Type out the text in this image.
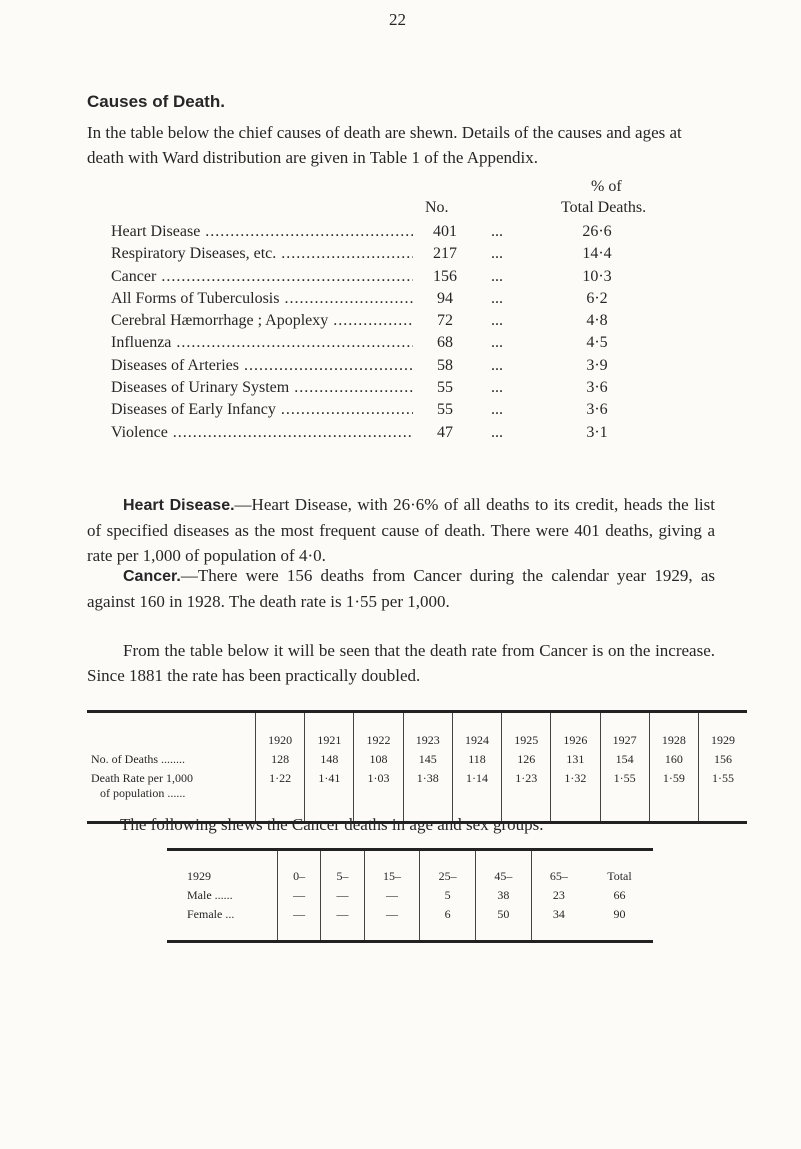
22
Causes of Death.

In the table below the chief causes of death are shewn. Details of the causes and ages at death with Ward distribution are given in Table 1 of the Appendix.

No.
% of
Total Deaths.
Heart Disease .....	401 ...	26·6
Respiratory Diseases, etc. .....	217 ...	14·4
Cancer .....	156 ...	10·3
All Forms of Tuberculosis .....	94	...	6·2
Cerebral Hæmorrhage ; Apoplexy .....	72	...	4·8
Influenza .....	68	...	4·5
Diseases of Arteries .....	58	...	3·9
Diseases of Urinary System .....	55	...	3·6
Diseases of Early Infancy .....	55	...	3·6
Violence .....	47	...	3·1

Heart Disease.—Heart Disease, with 26·6% of all deaths to its credit, heads the list of specified diseases as the most frequent cause of death. There were 401 deaths, giving a rate per 1,000 of population of 4·0.

Cancer.—There were 156 deaths from Cancer during the calendar year 1929, as against 160 in 1928. The death rate is 1·55 per 1,000.

From the table below it will be seen that the death rate from Cancer is on the increase. Since 1881 the rate has been practically doubled.

	1920	1921	1922	1923	1924	1925	1926	1927	1928	1929
No. of Deaths ........	128	148	108	145	118	126	131	154	160	156
Death Rate per 1,000
of population ......	1·22	1·41	1·03	1·38	1·14	1·23	1·32	1·55	1·59	1·55

The following shews the Cancer deaths in age and sex groups.

1929	0–	5–	15–	25–	45–	65–	Total
Male ......	—	—	—	5	38	23	66
Female ...	—	—	—	6	50	34	90
